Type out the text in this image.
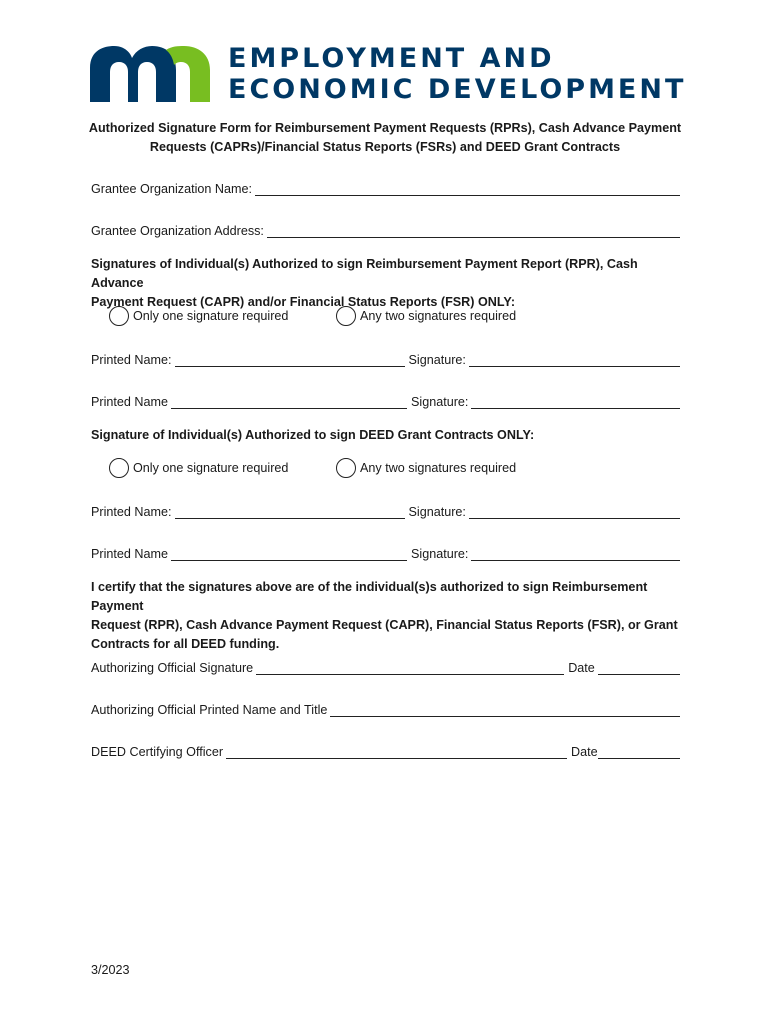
EMPLOYMENT AND
ECONOMIC DEVELOPMENT
Authorized Signature Form for Reimbursement Payment Requests (RPRs), Cash Advance Payment
Requests (CAPRs)/Financial Status Reports (FSRs) and DEED Grant Contracts
Grantee Organization Name:
Grantee Organization Address:
Signatures of Individual(s) Authorized to sign Reimbursement Payment Report (RPR), Cash Advance
Payment Request (CAPR) and/or Financial Status Reports (FSR) ONLY:
Only one signature required	Any two signatures required
Printed Name:	Signature:
Printed Name	Signature:
Signature of Individual(s) Authorized to sign DEED Grant Contracts ONLY:
Only one signature required	Any two signatures required
Printed Name:	Signature:
Printed Name	Signature:
I certify that the signatures above are of the individual(s)s authorized to sign Reimbursement Payment
Request (RPR), Cash Advance Payment Request (CAPR), Financial Status Reports (FSR), or Grant
Contracts for all DEED funding.
Authorizing Official Signature	Date
Authorizing Official Printed Name and Title
DEED Certifying Officer	Date
3/2023
